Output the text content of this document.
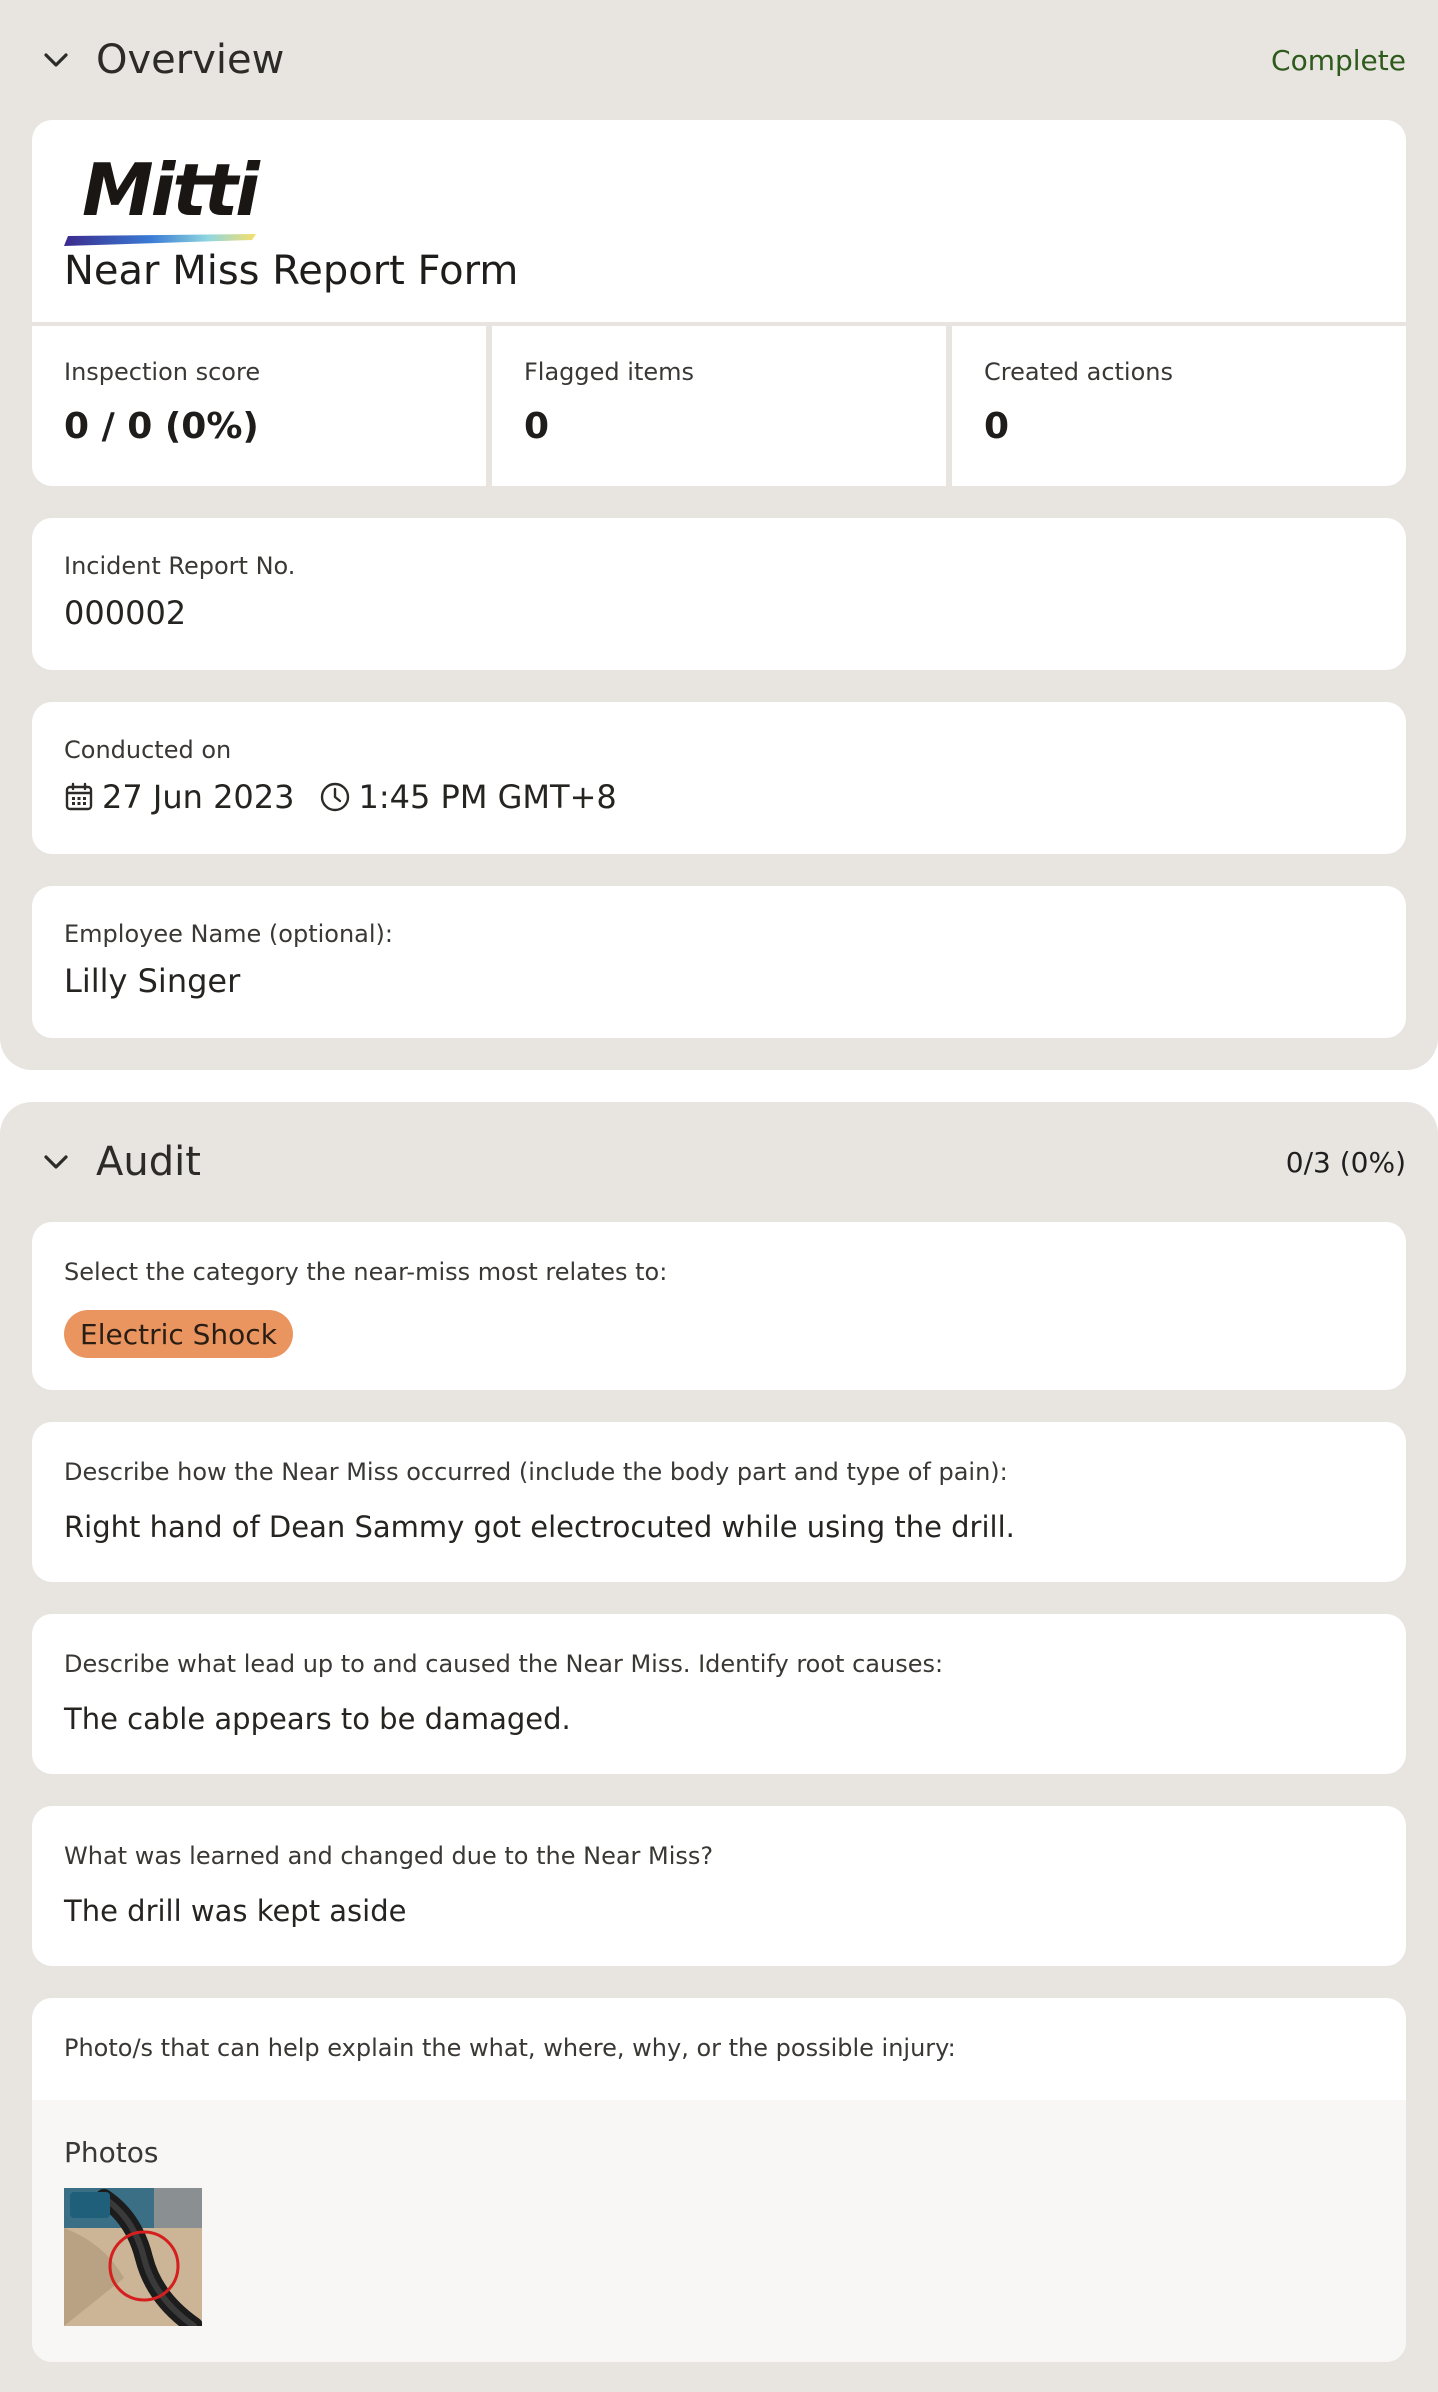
Overview	Complete
Mitti
Near Miss Report Form
Inspection score
0 / 0 (0%)
Flagged items
0
Created actions
0
Incident Report No.
000002
Conducted on
27 Jun 2023 1:45 PM GMT+8
Employee Name (optional):
Lilly Singer
Audit	0/3 (0%)
Select the category the near-miss most relates to:
Electric Shock
Describe how the Near Miss occurred (include the body part and type of pain):
Right hand of Dean Sammy got electrocuted while using the drill.
Describe what lead up to and caused the Near Miss. Identify root causes:
The cable appears to be damaged.
What was learned and changed due to the Near Miss?
The drill was kept aside
Photo/s that can help explain the what, where, why, or the possible injury:
Photos
